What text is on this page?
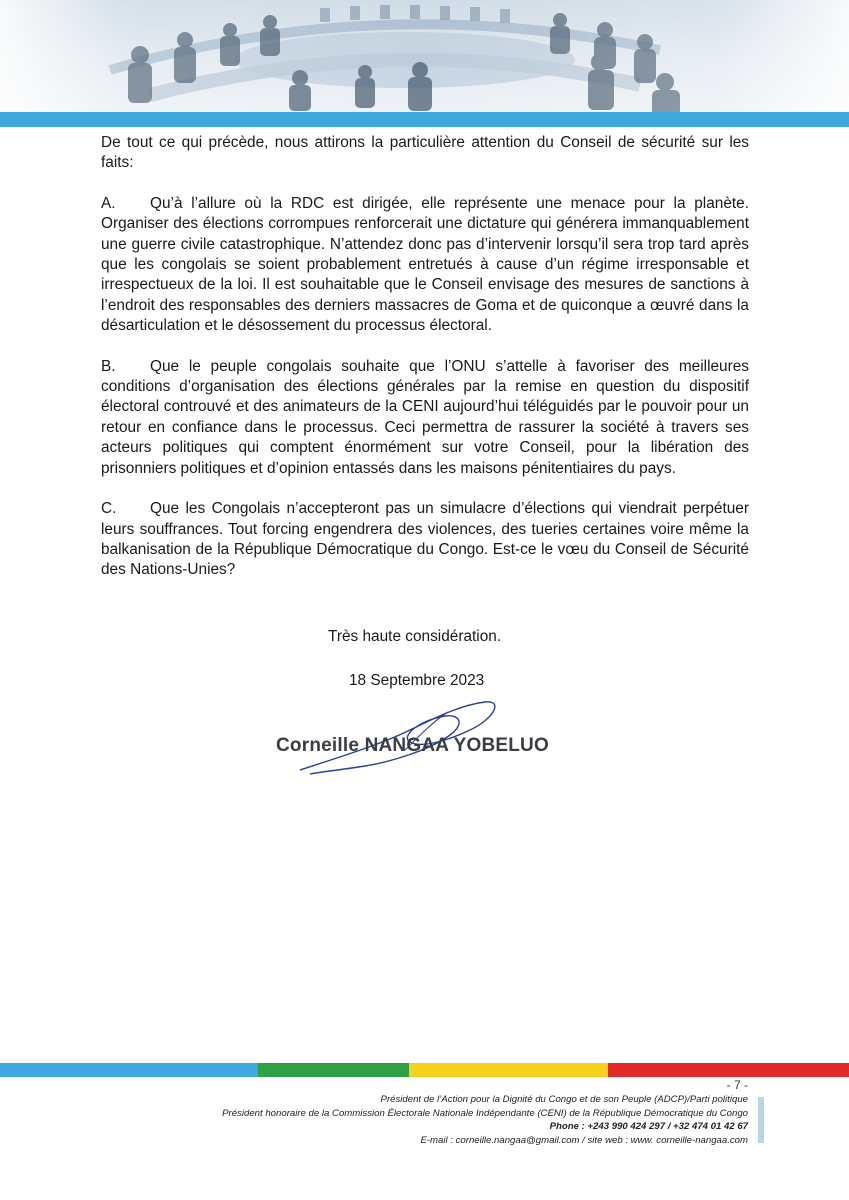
De tout ce qui précède, nous attirons la particulière attention du Conseil de sécurité sur les faits:

A. Qu’à l’allure où la RDC est dirigée, elle représente une menace pour la planète. Organiser des élections corrompues renforcerait une dictature qui générera immanquablement une guerre civile catastrophique. N’attendez donc pas d’intervenir lorsqu’il sera trop tard après que les congolais se soient probablement entretués à cause d’un régime irresponsable et irrespectueux de la loi. Il est souhaitable que le Conseil envisage des mesures de sanctions à l’endroit des responsables des derniers massacres de Goma et de quiconque a œuvré dans la désarticulation et le désossement du processus électoral.

B. Que le peuple congolais souhaite que l’ONU s’attelle à favoriser des meilleures conditions d’organisation des élections générales par la remise en question du dispositif électoral controuvé et des animateurs de la CENI aujourd’hui téléguidés par le pouvoir pour un retour en confiance dans le processus. Ceci permettra de rassurer la société à travers ses acteurs politiques qui comptent énormément sur votre Conseil, pour la libération des prisonniers politiques et d’opinion entassés dans les maisons pénitentiaires du pays.

C. Que les Congolais n’accepteront pas un simulacre d’élections qui viendrait perpétuer leurs souffrances. Tout forcing engendrera des violences, des tueries certaines voire même la balkanisation de la République Démocratique du Congo. Est-ce le vœu du Conseil de Sécurité des Nations-Unies?

Très haute considération.
18 Septembre 2023
Corneille NANGAA YOBELUO
- 7 -
Président de l’Action pour la Dignité du Congo et de son Peuple (ADCP)/Parti politique
Président honoraire de la Commission Électorale Nationale Indépendante (CENI) de la République Démocratique du Congo
Phone : +243 990 424 297 / +32 474 01 42 67
E-mail : corneille.nangaa@gmail.com / site web : www. corneille-nangaa.com
